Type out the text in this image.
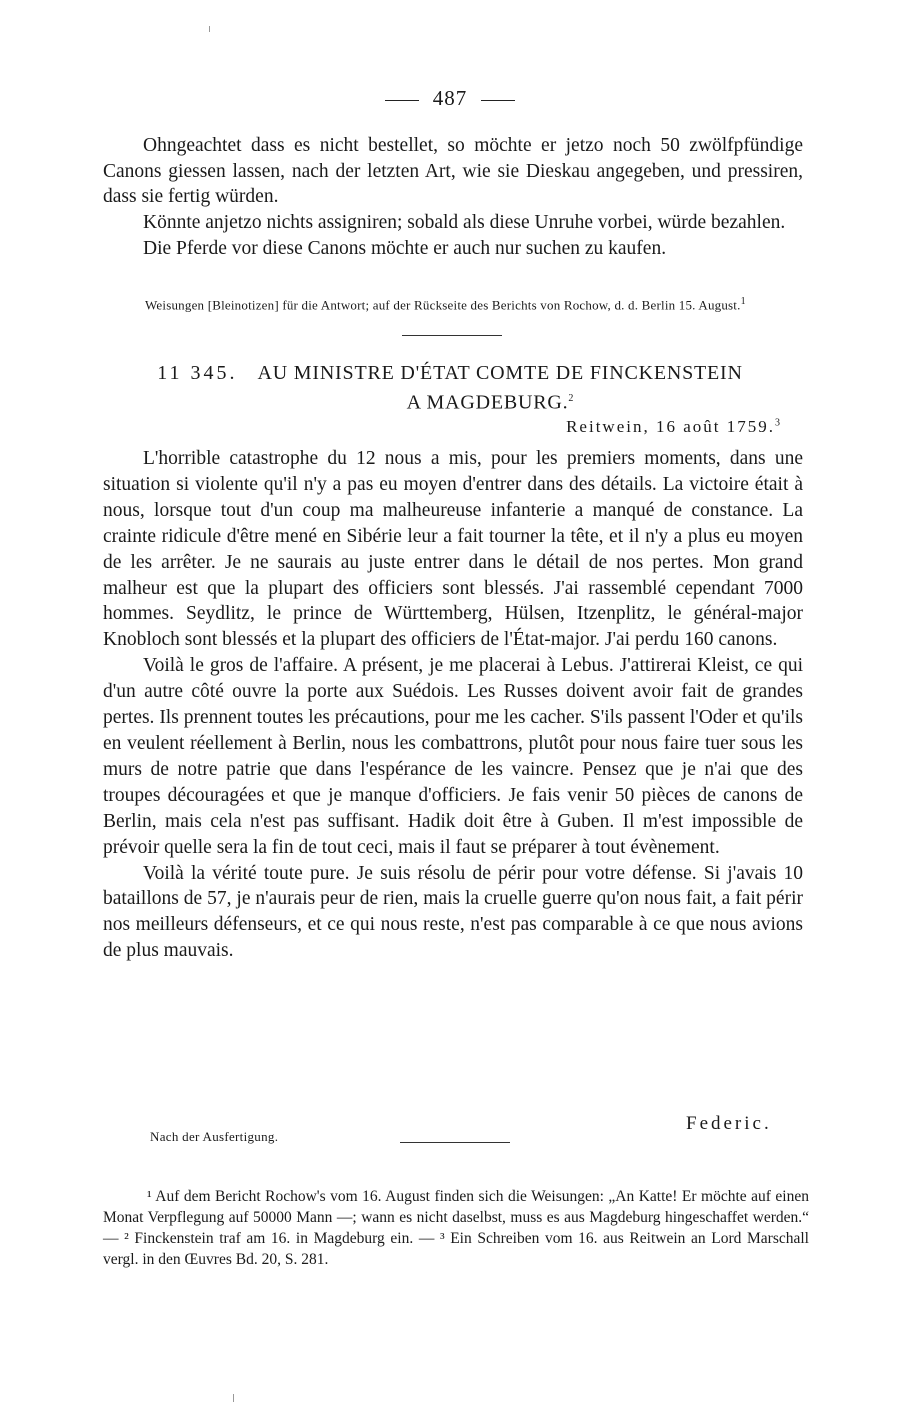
487

Ohngeachtet dass es nicht bestellet, so möchte er jetzo noch 50 zwölfpfündige Canons giessen lassen, nach der letzten Art, wie sie Dieskau angegeben, und pressiren, dass sie fertig würden.

Könnte anjetzo nichts assigniren; sobald als diese Unruhe vorbei, würde bezahlen.

Die Pferde vor diese Canons möchte er auch nur suchen zu kaufen.

Weisungen [Bleinotizen] für die Antwort; auf der Rückseite des Berichts von Rochow, d. d. Berlin 15. August.$^1$
11 345. AU MINISTRE D'ÉTAT COMTE DE FINCKENSTEIN
A MAGDEBURG.$^2$
Reitwein, 16 août 1759.$^3$

L'horrible catastrophe du 12 nous a mis, pour les premiers moments, dans une situation si violente qu'il n'y a pas eu moyen d'entrer dans des détails. La victoire était à nous, lorsque tout d'un coup ma malheureuse infanterie a manqué de constance. La crainte ridicule d'être mené en Sibérie leur a fait tourner la tête, et il n'y a plus eu moyen de les arrêter. Je ne saurais au juste entrer dans le détail de nos pertes. Mon grand malheur est que la plupart des officiers sont blessés. J'ai rassemblé cependant 7000 hommes. Seydlitz, le prince de Württemberg, Hülsen, Itzenplitz, le général-major Knobloch sont blessés et la plupart des officiers de l'État-major. J'ai perdu 160 canons.

Voilà le gros de l'affaire. A présent, je me placerai à Lebus. J'attirerai Kleist, ce qui d'un autre côté ouvre la porte aux Suédois. Les Russes doivent avoir fait de grandes pertes. Ils prennent toutes les précautions, pour me les cacher. S'ils passent l'Oder et qu'ils en veulent réellement à Berlin, nous les combattrons, plutôt pour nous faire tuer sous les murs de notre patrie que dans l'espérance de les vaincre. Pensez que je n'ai que des troupes découragées et que je manque d'officiers. Je fais venir 50 pièces de canons de Berlin, mais cela n'est pas suffisant. Hadik doit être à Guben. Il m'est impossible de prévoir quelle sera la fin de tout ceci, mais il faut se préparer à tout évènement.

Voilà la vérité toute pure. Je suis résolu de périr pour votre défense. Si j'avais 10 bataillons de 57, je n'aurais peur de rien, mais la cruelle guerre qu'on nous fait, a fait périr nos meilleurs défenseurs, et ce qui nous reste, n'est pas comparable à ce que nous avions de plus mauvais.

Nach der Ausfertigung.
Federic.
¹ Auf dem Bericht Rochow's vom 16. August finden sich die Weisungen: „An Katte! Er möchte auf einen Monat Verpflegung auf 50000 Mann —; wann es nicht daselbst, muss es aus Magdeburg hingeschaffet werden.“ — ² Finckenstein traf am 16. in Magdeburg ein. — ³ Ein Schreiben vom 16. aus Reitwein an Lord Marschall vergl. in den Œuvres Bd. 20, S. 281.
